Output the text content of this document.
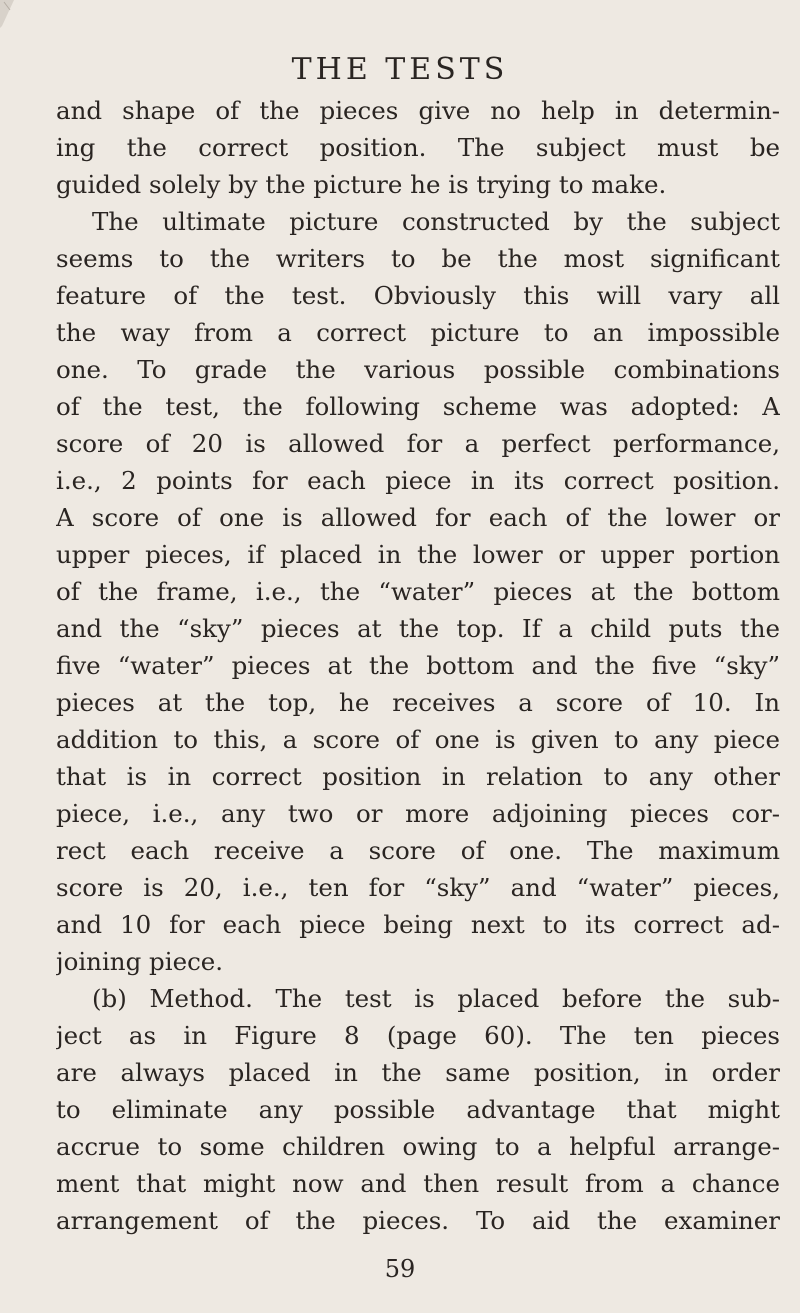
THE TESTS
and shape of the pieces give no help in determin-
ing the correct position. The subject must be
guided solely by the picture he is trying to make.
The ultimate picture constructed by the subject
seems to the writers to be the most significant
feature of the test. Obviously this will vary all
the way from a correct picture to an impossible
one. To grade the various possible combinations
of the test, the following scheme was adopted: A
score of 20 is allowed for a perfect performance,
i.e., 2 points for each piece in its correct position.
A score of one is allowed for each of the lower or
upper pieces, if placed in the lower or upper portion
of the frame, i.e., the “water” pieces at the bottom
and the “sky” pieces at the top. If a child puts the
five “water” pieces at the bottom and the five “sky”
pieces at the top, he receives a score of 10. In
addition to this, a score of one is given to any piece
that is in correct position in relation to any other
piece, i.e., any two or more adjoining pieces cor-
rect each receive a score of one. The maximum
score is 20, i.e., ten for “sky” and “water” pieces,
and 10 for each piece being next to its correct ad-
joining piece.
(b) Method. The test is placed before the sub-
ject as in Figure 8 (page 60). The ten pieces
are always placed in the same position, in order
to eliminate any possible advantage that might
accrue to some children owing to a helpful arrange-
ment that might now and then result from a chance
arrangement of the pieces. To aid the examiner
59
